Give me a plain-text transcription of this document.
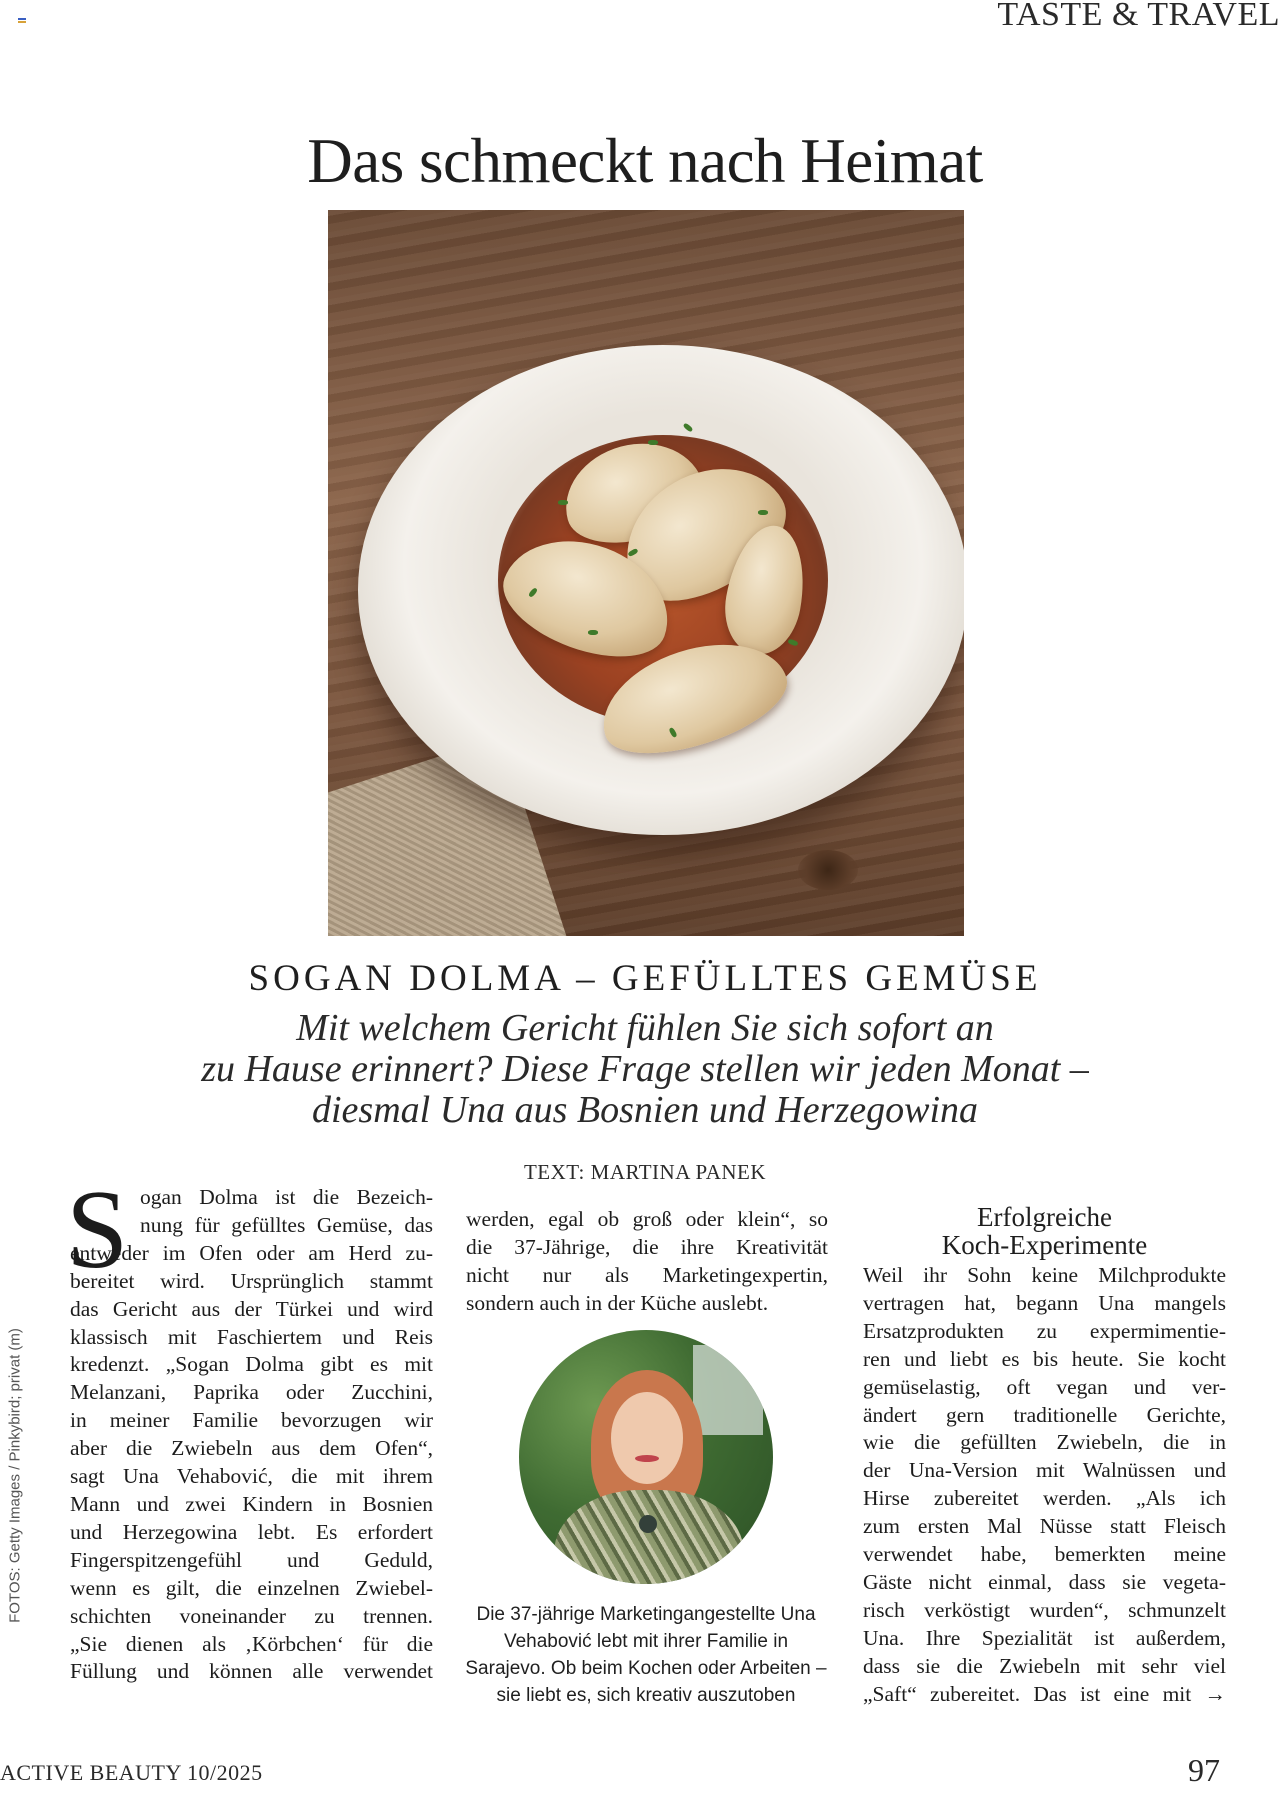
TASTE & TRAVEL
Das schmeckt nach Heimat
SOGAN DOLMA – GEFÜLLTES GEMÜSE
Mit welchem Gericht fühlen Sie sich sofort an
zu Hause erinnert? Diese Frage stellen wir jeden Monat –
diesmal Una aus Bosnien und Herzegowina
TEXT: MARTINA PANEK
S ogan Dolma ist die Bezeich-
nung für gefülltes Gemüse, das
entweder im Ofen oder am Herd zu-
bereitet wird. Ursprünglich stammt
das Gericht aus der Türkei und wird
klassisch mit Faschiertem und Reis
kredenzt. „Sogan Dolma gibt es mit
Melanzani, Paprika oder Zucchini,
in meiner Familie bevorzugen wir
aber die Zwiebeln aus dem Ofen“,
sagt Una Vehabović, die mit ihrem
Mann und zwei Kindern in Bosnien
und Herzegowina lebt. Es erfordert
Fingerspitzengefühl und Geduld,
wenn es gilt, die einzelnen Zwiebel-
schichten voneinander zu trennen.
„Sie dienen als ‚Körbchen‘ für die
Füllung und können alle verwendet
werden, egal ob groß oder klein“, so
die 37-Jährige, die ihre Kreativität
nicht nur als Marketingexpertin,
sondern auch in der Küche auslebt.
Die 37-jährige Marketingangestellte Una
Vehabović lebt mit ihrer Familie in
Sarajevo. Ob beim Kochen oder Arbeiten –
sie liebt es, sich kreativ auszutoben
Erfolgreiche
Koch-Experimente
Weil ihr Sohn keine Milchprodukte
vertragen hat, begann Una mangels
Ersatzprodukten zu expermimentie-
ren und liebt es bis heute. Sie kocht
gemüselastig, oft vegan und ver-
ändert gern traditionelle Gerichte,
wie die gefüllten Zwiebeln, die in
der Una-Version mit Walnüssen und
Hirse zubereitet werden. „Als ich
zum ersten Mal Nüsse statt Fleisch
verwendet habe, bemerkten meine
Gäste nicht einmal, dass sie vegeta-
risch verköstigt wurden“, schmunzelt
Una. Ihre Spezialität ist außerdem,
dass sie die Zwiebeln mit sehr viel
„Saft“ zubereitet. Das ist eine mit →
FOTOS: Getty Images / Pinkybird; privat (m)
ACTIVE BEAUTY 10/2025	97
